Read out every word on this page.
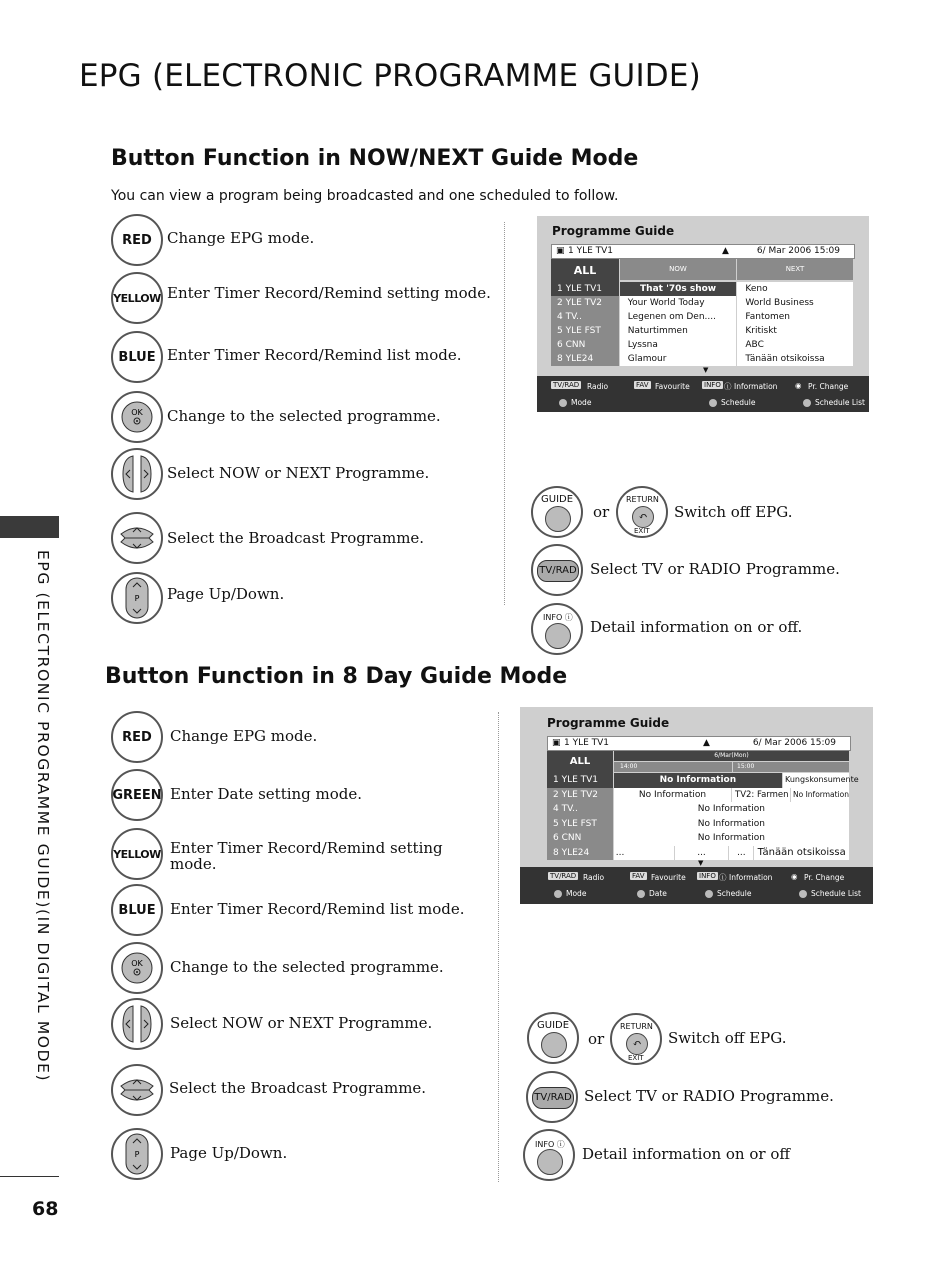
EPG (ELECTRONIC PROGRAMME GUIDE)
EPG (ELECTRONIC PROGRAMME GUIDE)(IN DIGITAL MODE)
68
Button Function in NOW/NEXT Guide Mode
You can view a program being broadcasted and one scheduled to follow.
RED Change EPG mode.
YELLOW Enter Timer Record/Remind setting mode.
BLUE Enter Timer Record/Remind list mode.
OK Change to the selected programme.
Select NOW or NEXT Programme.
Select the Broadcast Programme.
P Page Up/Down.
Programme Guide
▣ 1 YLE TV1	▲	6/ Mar 2006 15:09
ALL	NOW	NEXT
1 YLE TV1	That '70s show	Keno
2 YLE TV2	Your World Today	World Business
4 TV..	Legenen om Den....	Fantomen
5 YLE FST	Naturtimmen	Kritiskt
6 CNN	Lyssna	ABC
8 YLE24	Glamour	Tänään otsikoissa
▼
TV/RAD Radio	FAV Favourite INFO ⓘ Information ◉ Pr. Change
Mode	Schedule	Schedule List
GUIDE
or
RETURN
↶
EXIT
Switch off EPG.
TV/RAD Select TV or RADIO Programme.
INFO ⓘ
Detail information on or off.
Button Function in 8 Day Guide Mode
RED Change EPG mode.
GREEN Enter Date setting mode.
YELLOW Enter Timer Record/Remind setting
mode.
BLUE Enter Timer Record/Remind list mode.
OK Change to the selected programme.
Select NOW or NEXT Programme.
Select the Broadcast Programme.
P Page Up/Down.
Programme Guide
▣ 1 YLE TV1	▲	6/ Mar 2006 15:09
ALL
6/Mar(Mon)
14:00	15:00
1 YLE TV1	No Information	Kungskonsumente
2 YLE TV2	No Information	TV2: Farmen No Information
4 TV..	No Information
5 YLE FST	No Information
6 CNN	No Information
8 YLE24	...	...	...	Tänään otsikoissa
▼
TV/RAD Radio	FAV Favourite INFO ⓘ Information ◉ Pr. Change
Mode	Date	Schedule	Schedule List
GUIDE
or
RETURN
↶
EXIT
Switch off EPG.
TV/RAD Select TV or RADIO Programme.
INFO ⓘ
Detail information on or off
